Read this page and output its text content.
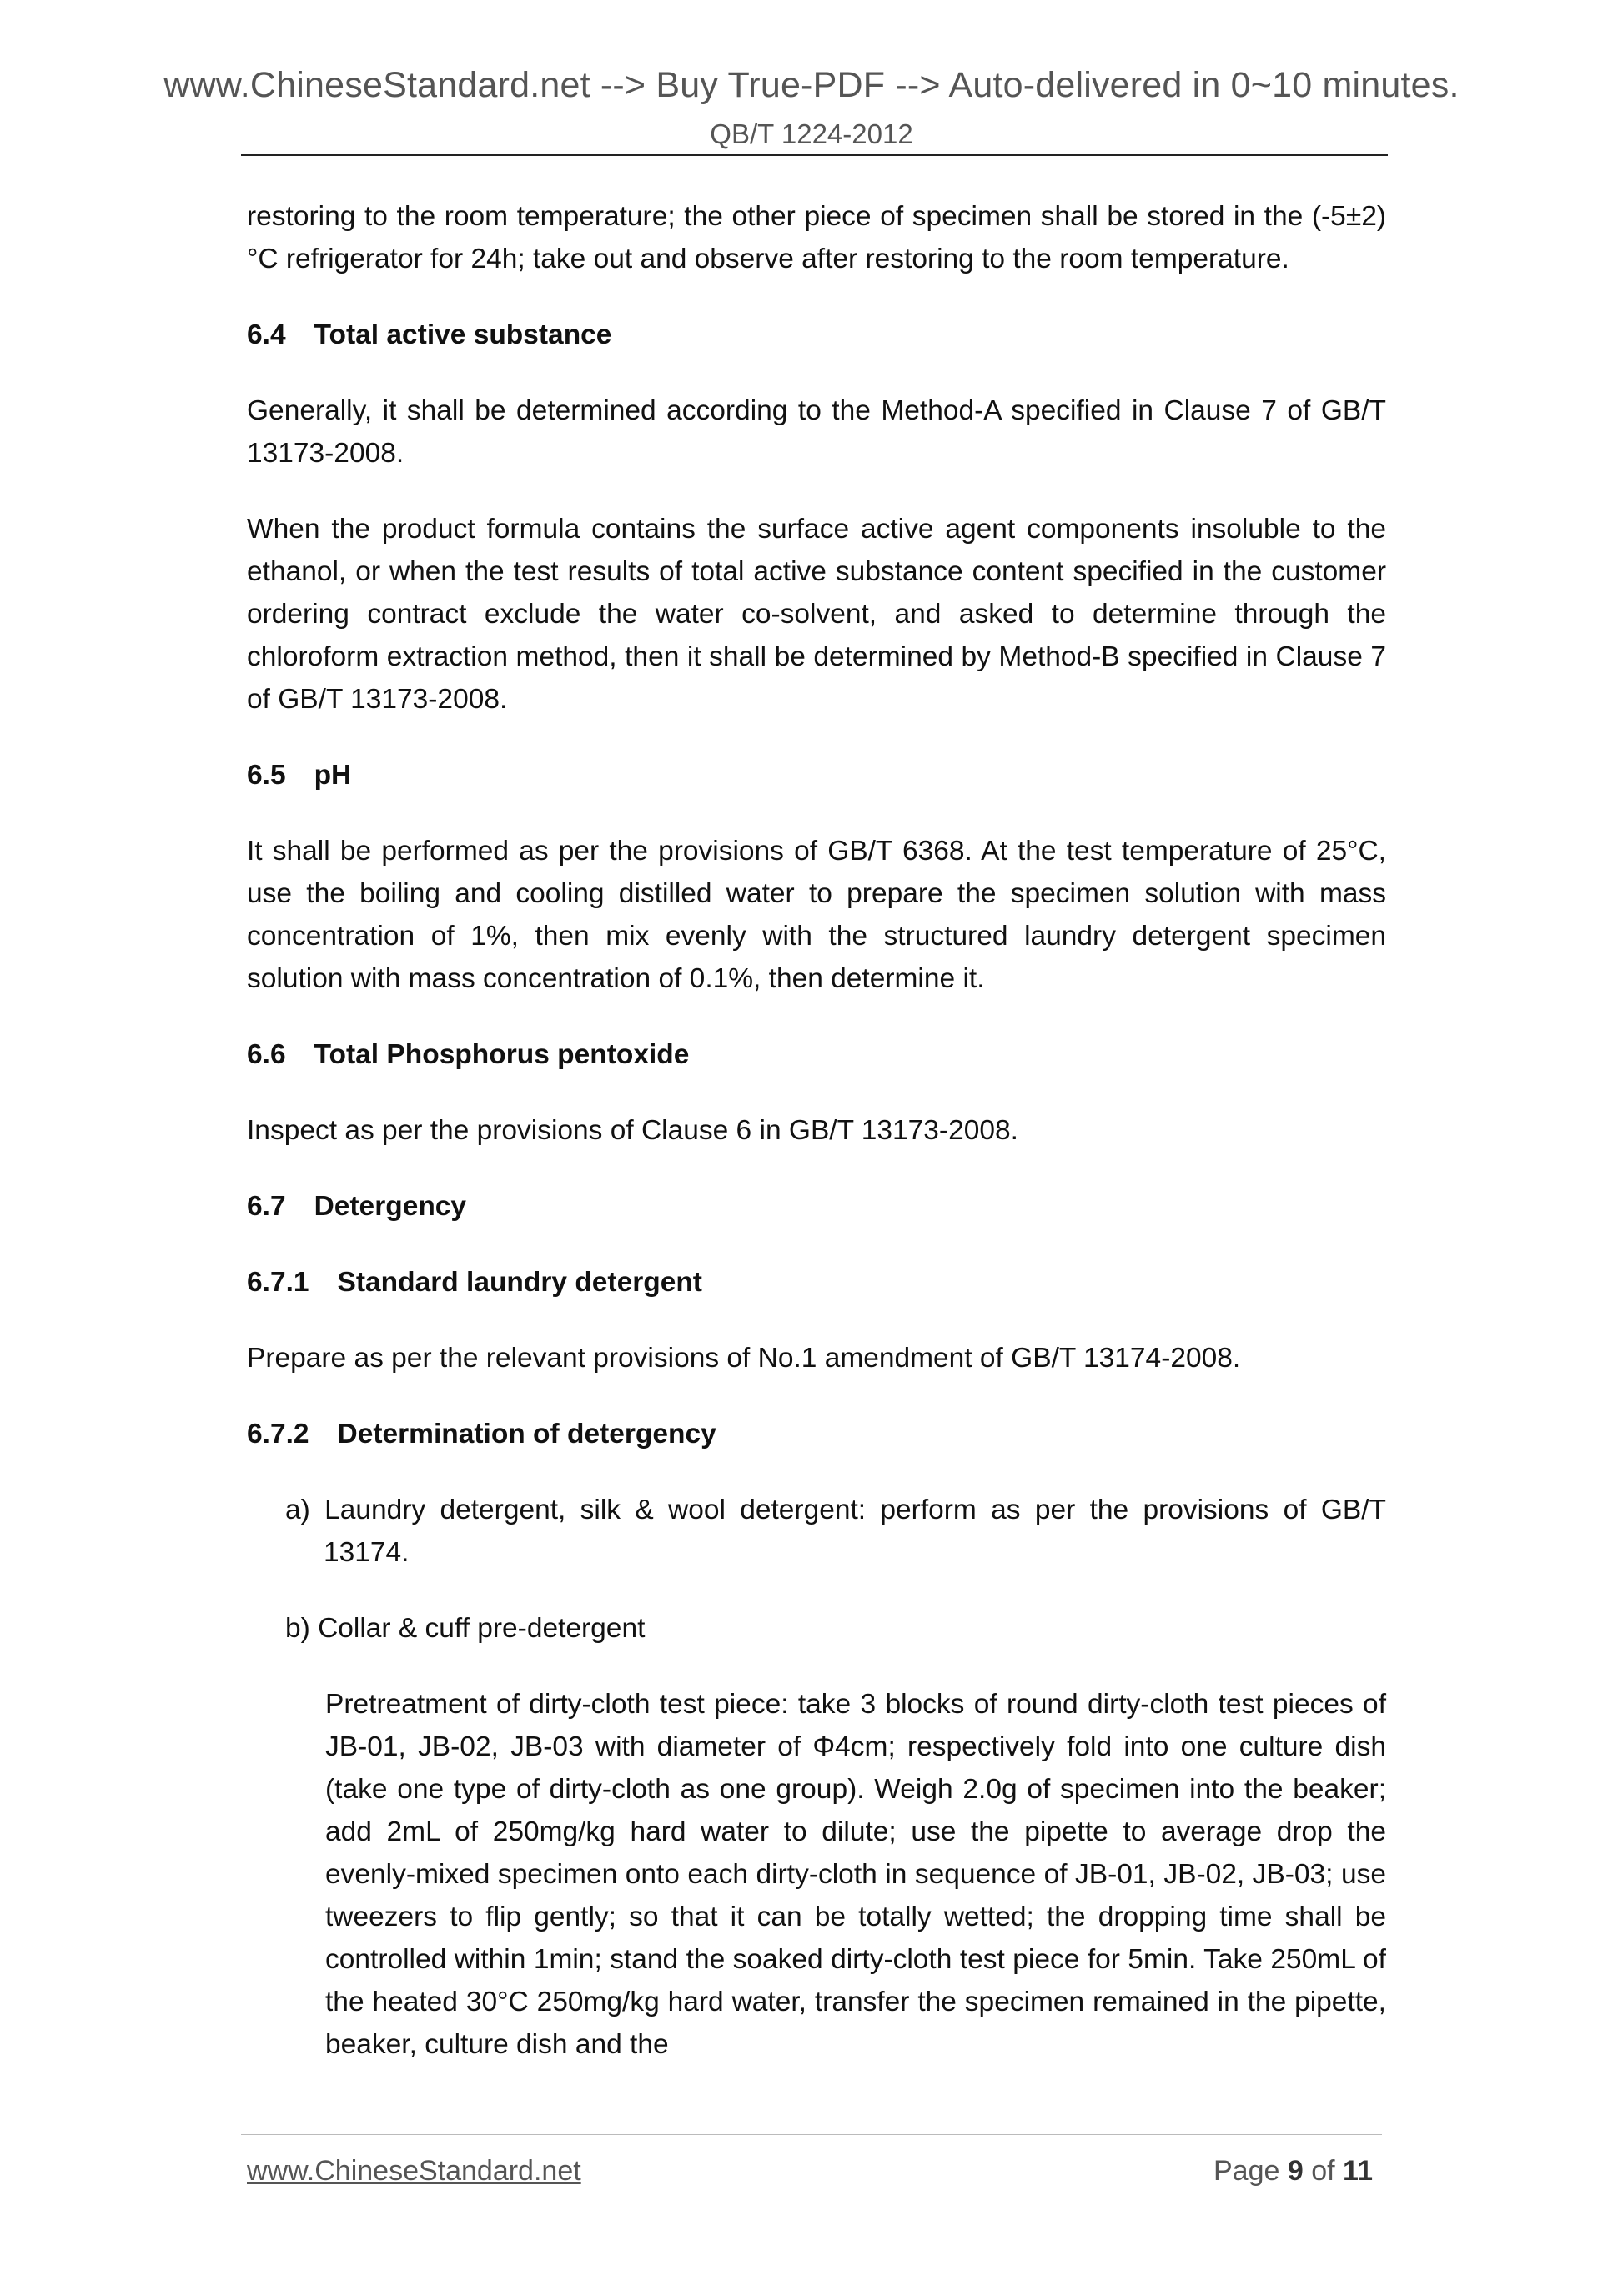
www.ChineseStandard.net --> Buy True-PDF --> Auto-delivered in 0~10 minutes.
QB/T 1224-2012

restoring to the room temperature; the other piece of specimen shall be stored in the (-5±2) °C refrigerator for 24h; take out and observe after restoring to the room temperature.

6.4 Total active substance

Generally, it shall be determined according to the Method-A specified in Clause 7 of GB/T 13173-2008.

When the product formula contains the surface active agent components insoluble to the ethanol, or when the test results of total active substance content specified in the customer ordering contract exclude the water co-solvent, and asked to determine through the chloroform extraction method, then it shall be determined by Method-B specified in Clause 7 of GB/T 13173-2008.

6.5 pH

It shall be performed as per the provisions of GB/T 6368. At the test temperature of 25°C, use the boiling and cooling distilled water to prepare the specimen solution with mass concentration of 1%, then mix evenly with the structured laundry detergent specimen solution with mass concentration of 0.1%, then determine it.

6.6 Total Phosphorus pentoxide

Inspect as per the provisions of Clause 6 in GB/T 13173-2008.

6.7 Detergency
6.7.1 Standard laundry detergent

Prepare as per the relevant provisions of No.1 amendment of GB/T 13174-2008.

6.7.2 Determination of detergency
a) Laundry detergent, silk & wool detergent: perform as per the provisions of GB/T 13174.
b) Collar & cuff pre-detergent
Pretreatment of dirty-cloth test piece: take 3 blocks of round dirty-cloth test pieces of JB-01, JB-02, JB-03 with diameter of Φ4cm; respectively fold into one culture dish (take one type of dirty-cloth as one group). Weigh 2.0g of specimen into the beaker; add 2mL of 250mg/kg hard water to dilute; use the pipette to average drop the evenly-mixed specimen onto each dirty-cloth in sequence of JB-01, JB-02, JB-03; use tweezers to flip gently; so that it can be totally wetted; the dropping time shall be controlled within 1min; stand the soaked dirty-cloth test piece for 5min. Take 250mL of the heated 30°C 250mg/kg hard water, transfer the specimen remained in the pipette, beaker, culture dish and the
www.ChineseStandard.net	Page 9 of 11
